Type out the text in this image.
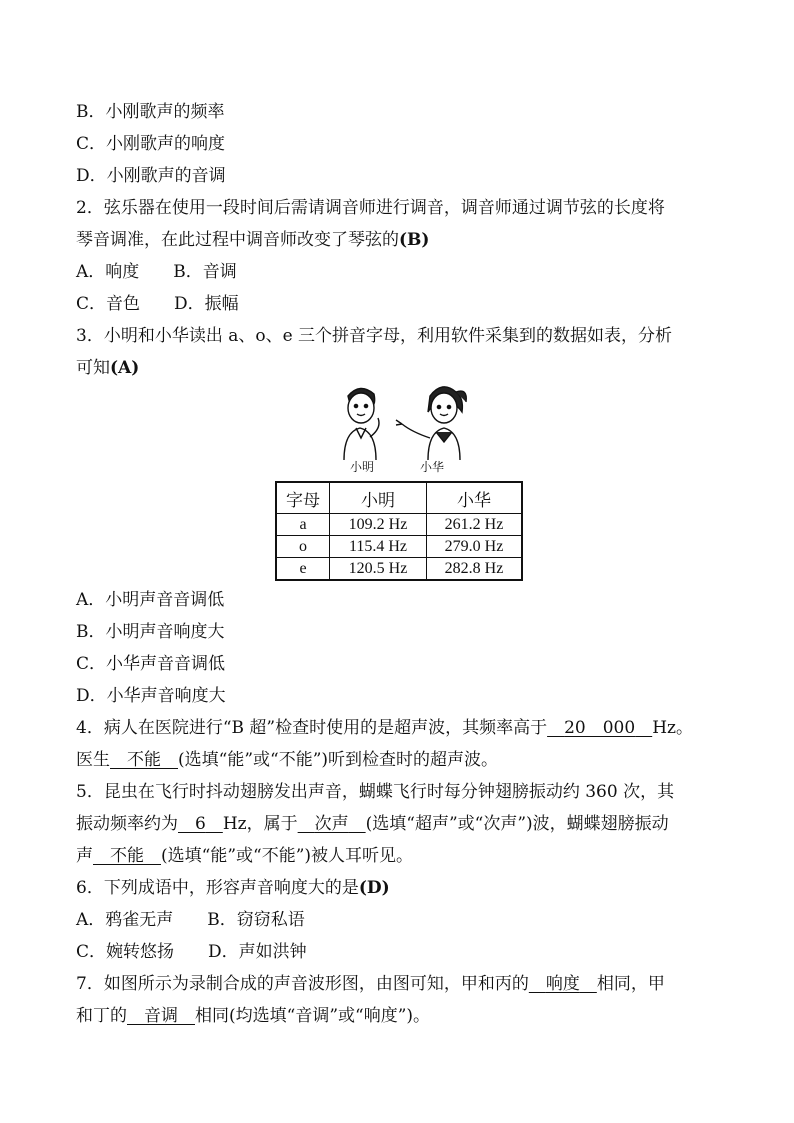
B．小刚歌声的频率
C．小刚歌声的响度
D．小刚歌声的音调
2．弦乐器在使用一段时间后需请调音师进行调音，调音师通过调节弦的长度将
琴音调准，在此过程中调音师改变了琴弦的(B)
A．响度 B．音调
C．音色 D．振幅
3．小明和小华读出 a、o、e 三个拼音字母，利用软件采集到的数据如表，分析
可知(A)
小明	小华
字母	小明	小华
a	109.2 Hz	261.2 Hz
o	115.4 Hz	279.0 Hz
e	120.5 Hz	282.8 Hz
A．小明声音音调低
B．小明声音响度大
C．小华声音音调低
D．小华声音响度大
4．病人在医院进行“B 超”检查时使用的是超声波，其频率高于　 20　000　 Hz。
医生　 不能　 (选填“能”或“不能”)听到检查时的超声波。
5．昆虫在飞行时抖动翅膀发出声音，蝴蝶飞行时每分钟翅膀振动约 360 次，其
振动频率约为　 6　 Hz，属于　 次声　 (选填“超声”或“次声”)波，蝴蝶翅膀振动
声　 不能　 (选填“能”或“不能”)被人耳听见。
6．下列成语中，形容声音响度大的是(D)
A．鸦雀无声 B．窃窃私语
C．婉转悠扬 D．声如洪钟
7．如图所示为录制合成的声音波形图，由图可知，甲和丙的　 响度　 相同，甲
和丁的　 音调　 相同(均选填“音调”或“响度”)。
